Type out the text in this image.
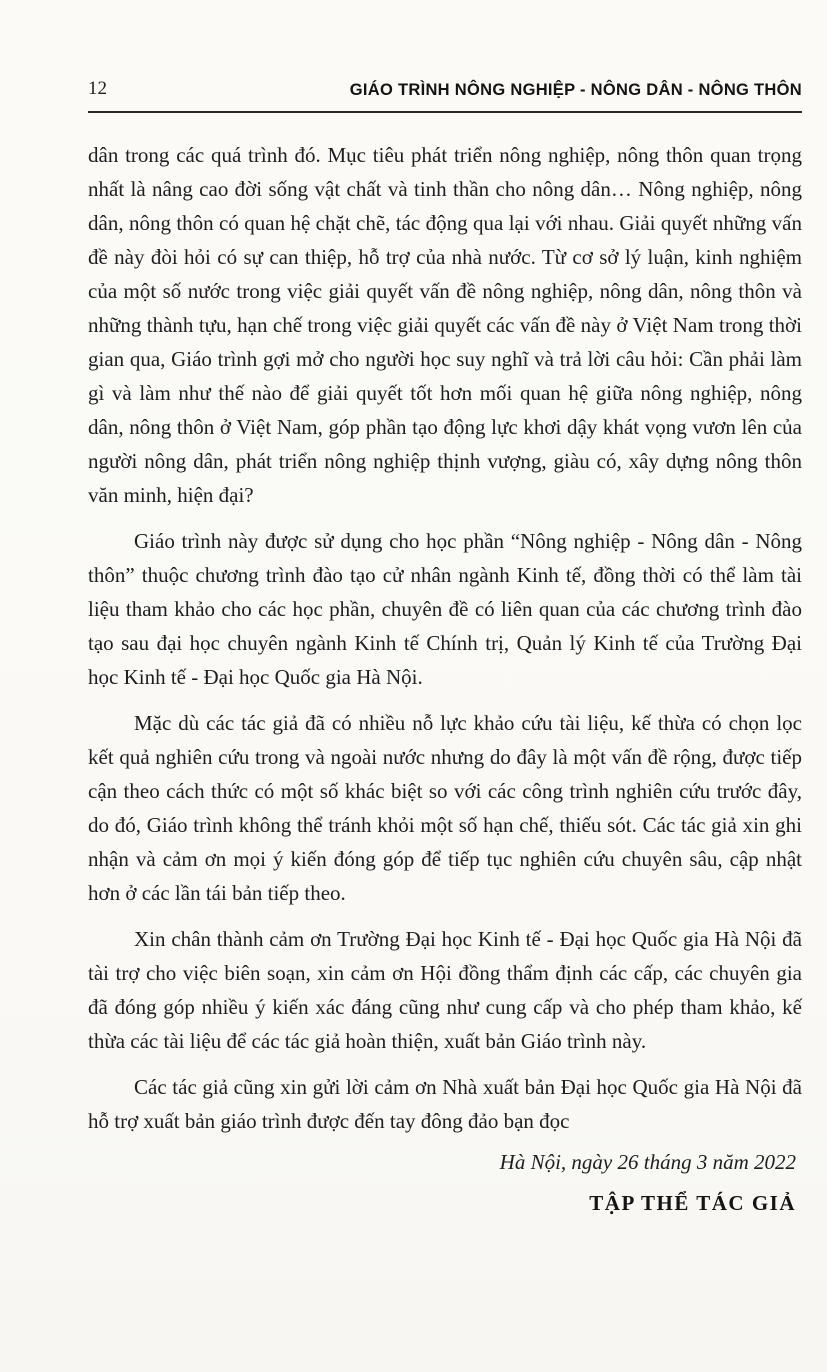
12	GIÁO TRÌNH NÔNG NGHIỆP - NÔNG DÂN - NÔNG THÔN

dân trong các quá trình đó. Mục tiêu phát triển nông nghiệp, nông thôn quan trọng nhất là nâng cao đời sống vật chất và tinh thần cho nông dân… Nông nghiệp, nông dân, nông thôn có quan hệ chặt chẽ, tác động qua lại với nhau. Giải quyết những vấn đề này đòi hỏi có sự can thiệp, hỗ trợ của nhà nước. Từ cơ sở lý luận, kinh nghiệm của một số nước trong việc giải quyết vấn đề nông nghiệp, nông dân, nông thôn và những thành tựu, hạn chế trong việc giải quyết các vấn đề này ở Việt Nam trong thời gian qua, Giáo trình gợi mở cho người học suy nghĩ và trả lời câu hỏi: Cần phải làm gì và làm như thế nào để giải quyết tốt hơn mối quan hệ giữa nông nghiệp, nông dân, nông thôn ở Việt Nam, góp phần tạo động lực khơi dậy khát vọng vươn lên của người nông dân, phát triển nông nghiệp thịnh vượng, giàu có, xây dựng nông thôn văn minh, hiện đại?

Giáo trình này được sử dụng cho học phần “Nông nghiệp - Nông dân - Nông thôn” thuộc chương trình đào tạo cử nhân ngành Kinh tế, đồng thời có thể làm tài liệu tham khảo cho các học phần, chuyên đề có liên quan của các chương trình đào tạo sau đại học chuyên ngành Kinh tế Chính trị, Quản lý Kinh tế của Trường Đại học Kinh tế - Đại học Quốc gia Hà Nội.

Mặc dù các tác giả đã có nhiều nỗ lực khảo cứu tài liệu, kế thừa có chọn lọc kết quả nghiên cứu trong và ngoài nước nhưng do đây là một vấn đề rộng, được tiếp cận theo cách thức có một số khác biệt so với các công trình nghiên cứu trước đây, do đó, Giáo trình không thể tránh khỏi một số hạn chế, thiếu sót. Các tác giả xin ghi nhận và cảm ơn mọi ý kiến đóng góp để tiếp tục nghiên cứu chuyên sâu, cập nhật hơn ở các lần tái bản tiếp theo.

Xin chân thành cảm ơn Trường Đại học Kinh tế - Đại học Quốc gia Hà Nội đã tài trợ cho việc biên soạn, xin cảm ơn Hội đồng thẩm định các cấp, các chuyên gia đã đóng góp nhiều ý kiến xác đáng cũng như cung cấp và cho phép tham khảo, kế thừa các tài liệu để các tác giả hoàn thiện, xuất bản Giáo trình này.

Các tác giả cũng xin gửi lời cảm ơn Nhà xuất bản Đại học Quốc gia Hà Nội đã hỗ trợ xuất bản giáo trình được đến tay đông đảo bạn đọc

Hà Nội, ngày 26 tháng 3 năm 2022
TẬP THỂ TÁC GIẢ
